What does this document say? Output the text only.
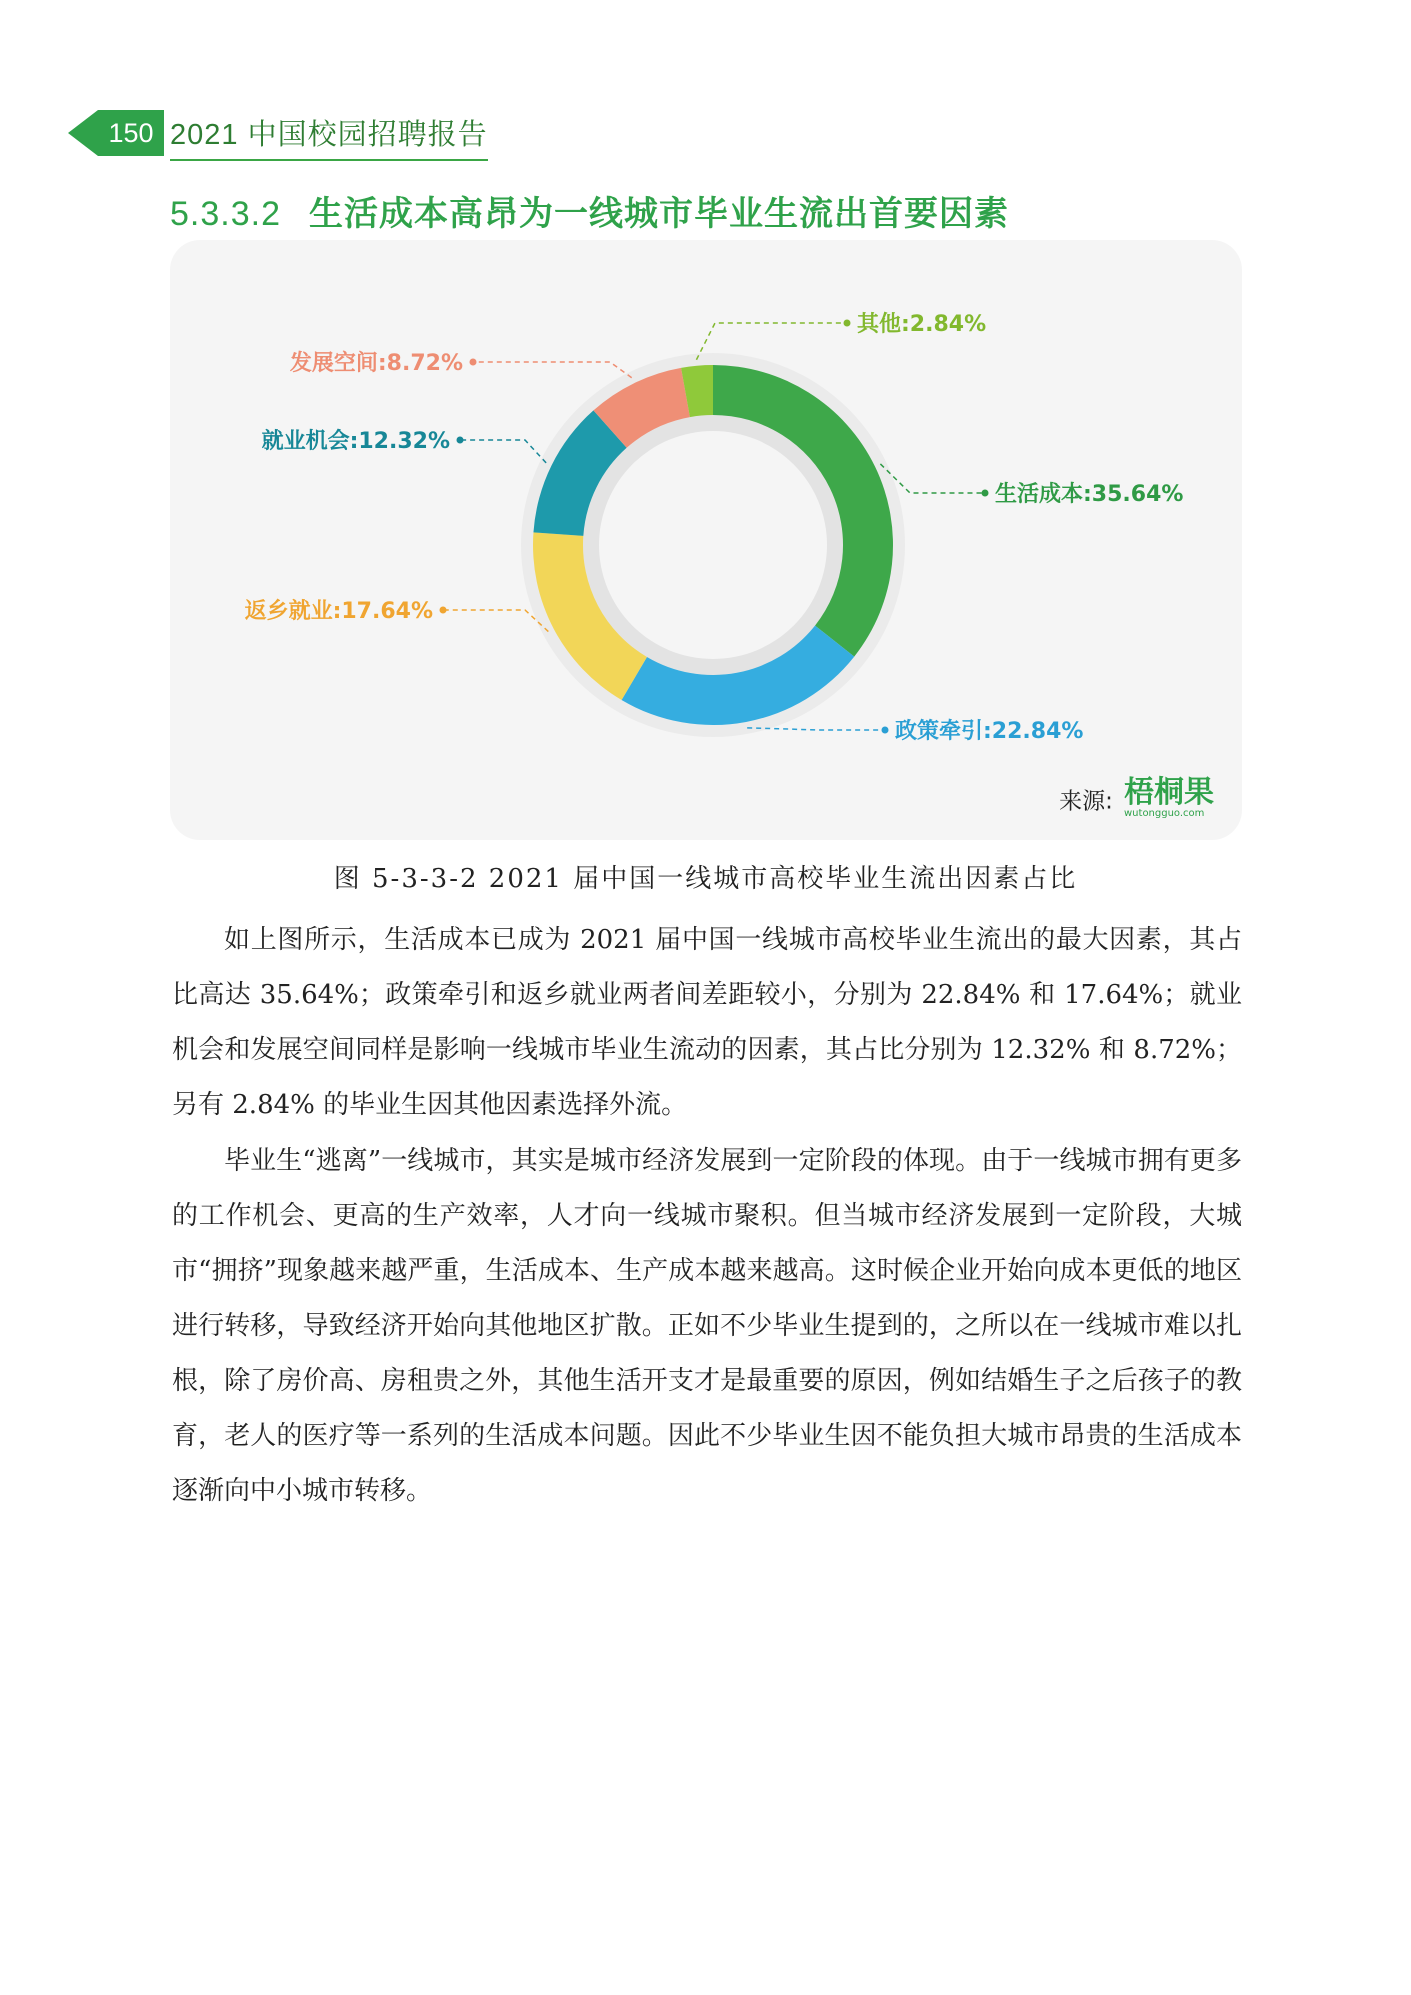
150 2021 中国校园招聘报告
5.3.3.2 生活成本高昂为一线城市毕业生流出首要因素
生活成本:35.64%
政策牵引:22.84%
返乡就业:17.64%
就业机会:12.32%
发展空间:8.72%
其他:2.84%
来源: 梧桐果
wutongguo.com
图 5-3-3-2 2021 届中国一线城市高校毕业生流出因素占比

如上图所示，生活成本已成为 2021 届中国一线城市高校毕业生流出的最大因素，其占比高达 35.64%；政策牵引和返乡就业两者间差距较小，分别为 22.84% 和 17.64%；就业机会和发展空间同样是影响一线城市毕业生流动的因素，其占比分别为 12.32% 和 8.72%；另有 2.84% 的毕业生因其他因素选择外流。

毕业生“逃离”一线城市，其实是城市经济发展到一定阶段的体现。由于一线城市拥有更多的工作机会、更高的生产效率，人才向一线城市聚积。但当城市经济发展到一定阶段，大城市“拥挤”现象越来越严重，生活成本、生产成本越来越高。这时候企业开始向成本更低的地区进行转移，导致经济开始向其他地区扩散。正如不少毕业生提到的，之所以在一线城市难以扎根，除了房价高、房租贵之外，其他生活开支才是最重要的原因，例如结婚生子之后孩子的教育，老人的医疗等一系列的生活成本问题。因此不少毕业生因不能负担大城市昂贵的生活成本逐渐向中小城市转移。
